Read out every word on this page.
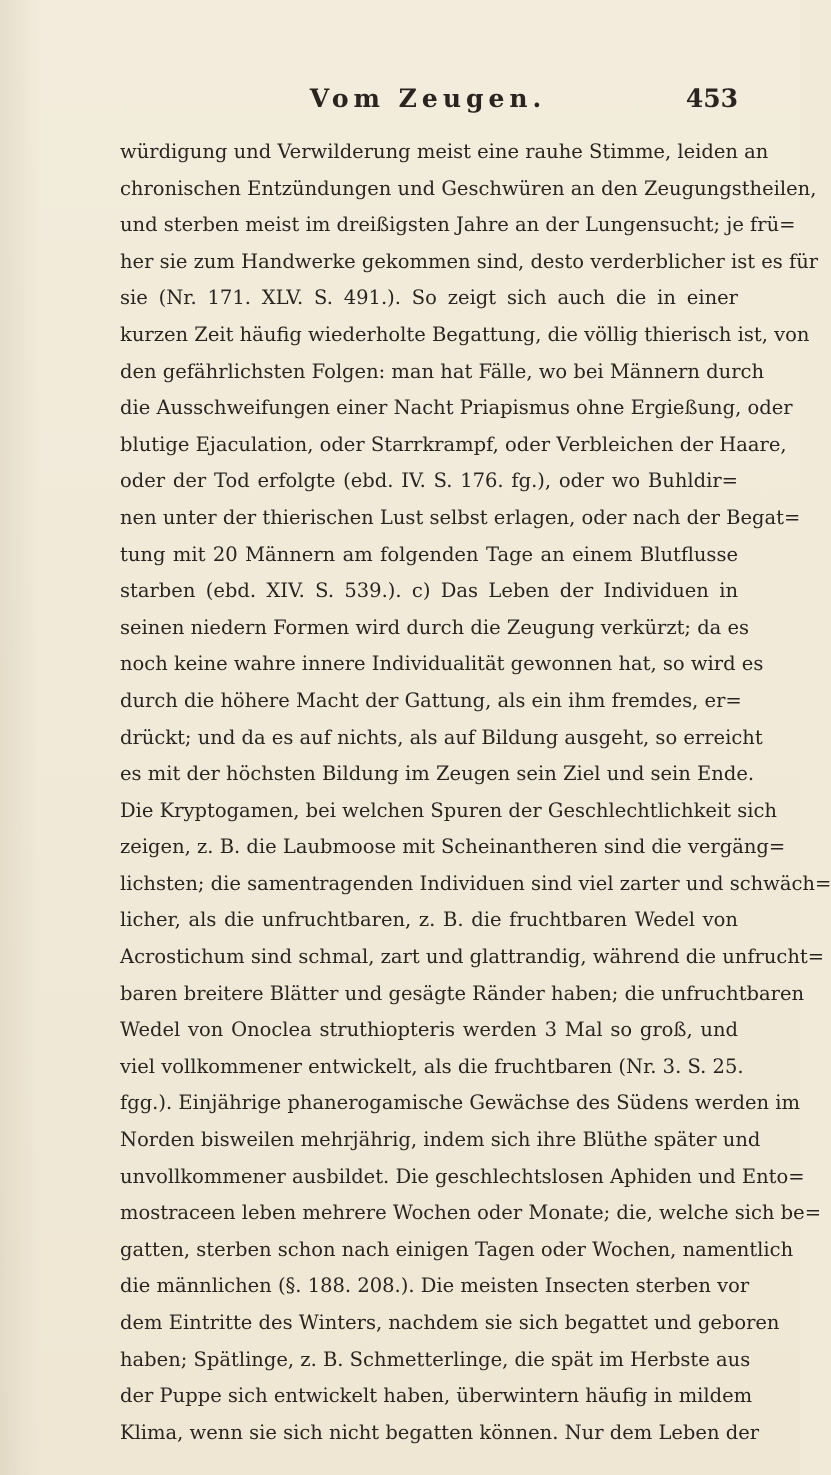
Vom Zeugen.	453
würdigung und Verwilderung meist eine rauhe Stimme, leiden an
chronischen Entzündungen und Geschwüren an den Zeugungstheilen,
und sterben meist im dreißigsten Jahre an der Lungensucht; je frü=
her sie zum Handwerke gekommen sind, desto verderblicher ist es für
sie (Nr. 171. XLV. S. 491.). So zeigt sich auch die in einer
kurzen Zeit häufig wiederholte Begattung, die völlig thierisch ist, von
den gefährlichsten Folgen: man hat Fälle, wo bei Männern durch
die Ausschweifungen einer Nacht Priapismus ohne Ergießung, oder
blutige Ejaculation, oder Starrkrampf, oder Verbleichen der Haare,
oder der Tod erfolgte (ebd. IV. S. 176. fg.), oder wo Buhldir=
nen unter der thierischen Lust selbst erlagen, oder nach der Begat=
tung mit 20 Männern am folgenden Tage an einem Blutflusse
starben (ebd. XIV. S. 539.). c) Das Leben der Individuen in
seinen niedern Formen wird durch die Zeugung verkürzt; da es
noch keine wahre innere Individualität gewonnen hat, so wird es
durch die höhere Macht der Gattung, als ein ihm fremdes, er=
drückt; und da es auf nichts, als auf Bildung ausgeht, so erreicht
es mit der höchsten Bildung im Zeugen sein Ziel und sein Ende.
Die Kryptogamen, bei welchen Spuren der Geschlechtlichkeit sich
zeigen, z. B. die Laubmoose mit Scheinantheren sind die vergäng=
lichsten; die samentragenden Individuen sind viel zarter und schwäch=
licher, als die unfruchtbaren, z. B. die fruchtbaren Wedel von
Acrostichum sind schmal, zart und glattrandig, während die unfrucht=
baren breitere Blätter und gesägte Ränder haben; die unfruchtbaren
Wedel von Onoclea struthiopteris werden 3 Mal so groß, und
viel vollkommener entwickelt, als die fruchtbaren (Nr. 3. S. 25.
fgg.). Einjährige phanerogamische Gewächse des Südens werden im
Norden bisweilen mehrjährig, indem sich ihre Blüthe später und
unvollkommener ausbildet. Die geschlechtslosen Aphiden und Ento=
mostraceen leben mehrere Wochen oder Monate; die, welche sich be=
gatten, sterben schon nach einigen Tagen oder Wochen, namentlich
die männlichen (§. 188. 208.). Die meisten Insecten sterben vor
dem Eintritte des Winters, nachdem sie sich begattet und geboren
haben; Spätlinge, z. B. Schmetterlinge, die spät im Herbste aus
der Puppe sich entwickelt haben, überwintern häufig in mildem
Klima, wenn sie sich nicht begatten können. Nur dem Leben der
